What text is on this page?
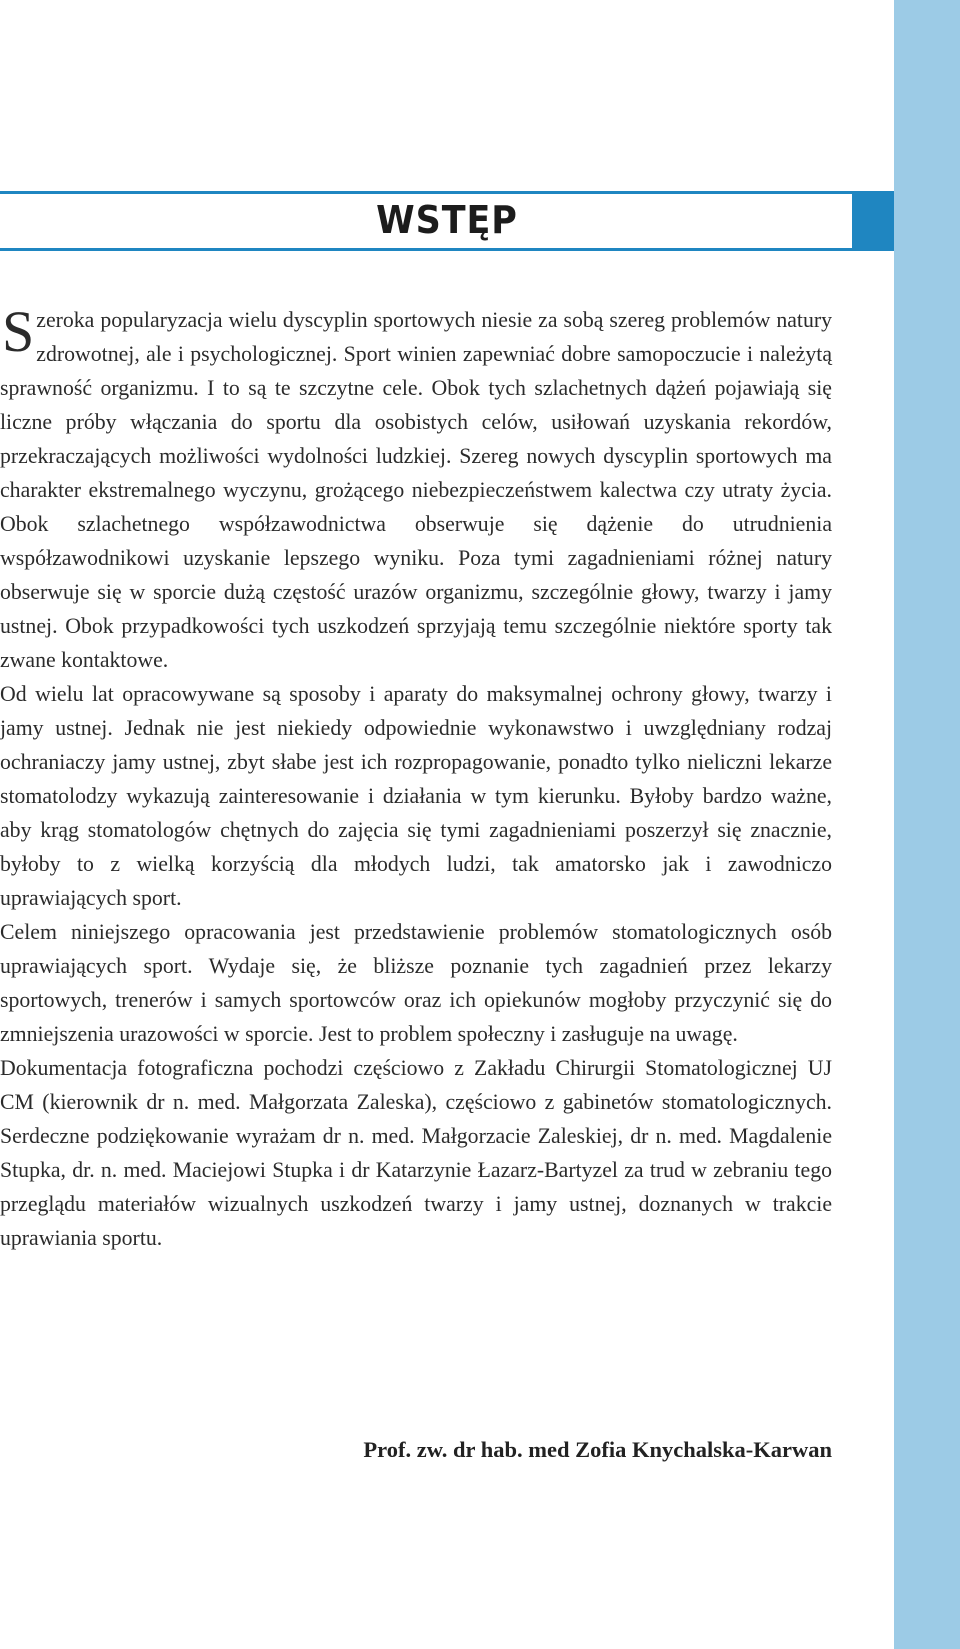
WSTĘP

Szeroka popularyzacja wielu dyscyplin sportowych niesie za sobą szereg problemów natury zdrowotnej, ale i psychologicznej. Sport winien zapewniać dobre samopoczucie i należytą sprawność organizmu. I to są te szczytne cele. Obok tych szlachetnych dążeń pojawiają się liczne próby włączania do sportu dla osobistych celów, usiłowań uzyskania rekordów, przekraczających możliwości wydolności ludzkiej. Szereg nowych dyscyplin sportowych ma charakter ekstremalnego wyczynu, grożącego niebezpieczeństwem kalectwa czy utraty życia. Obok szlachetnego współzawodnictwa obserwuje się dążenie do utrudnienia współzawodnikowi uzyskanie lepszego wyniku. Poza tymi zagadnieniami różnej natury obserwuje się w sporcie dużą częstość urazów organizmu, szczególnie głowy, twarzy i jamy ustnej. Obok przypadkowości tych uszkodzeń sprzyjają temu szczególnie niektóre sporty tak zwane kontaktowe.

Od wielu lat opracowywane są sposoby i aparaty do maksymalnej ochrony głowy, twarzy i jamy ustnej. Jednak nie jest niekiedy odpowiednie wykonawstwo i uwzględniany rodzaj ochraniaczy jamy ustnej, zbyt słabe jest ich rozpropagowanie, ponadto tylko nieliczni lekarze stomatolodzy wykazują zainteresowanie i działania w tym kierunku. Byłoby bardzo ważne, aby krąg stomatologów chętnych do zajęcia się tymi zagadnieniami poszerzył się znacznie, byłoby to z wielką korzyścią dla młodych ludzi, tak amatorsko jak i zawodniczo uprawiających sport.

Celem niniejszego opracowania jest przedstawienie problemów stomatologicznych osób uprawiających sport. Wydaje się, że bliższe poznanie tych zagadnień przez lekarzy sportowych, trenerów i samych sportowców oraz ich opiekunów mogłoby przyczynić się do zmniejszenia urazowości w sporcie. Jest to problem społeczny i zasługuje na uwagę.

Dokumentacja fotograficzna pochodzi częściowo z Zakładu Chirurgii Stomatologicznej UJ CM (kierownik dr n. med. Małgorzata Zaleska), częściowo z gabinetów stomatologicznych. Serdeczne podziękowanie wyrażam dr n. med. Małgorzacie Zaleskiej, dr n. med. Magdalenie Stupka, dr. n. med. Maciejowi Stupka i dr Katarzynie Łazarz-Bartyzel za trud w zebraniu tego przeglądu materiałów wizualnych uszkodzeń twarzy i jamy ustnej, doznanych w trakcie uprawiania sportu.

Prof. zw. dr hab. med Zofia Knychalska-Karwan
